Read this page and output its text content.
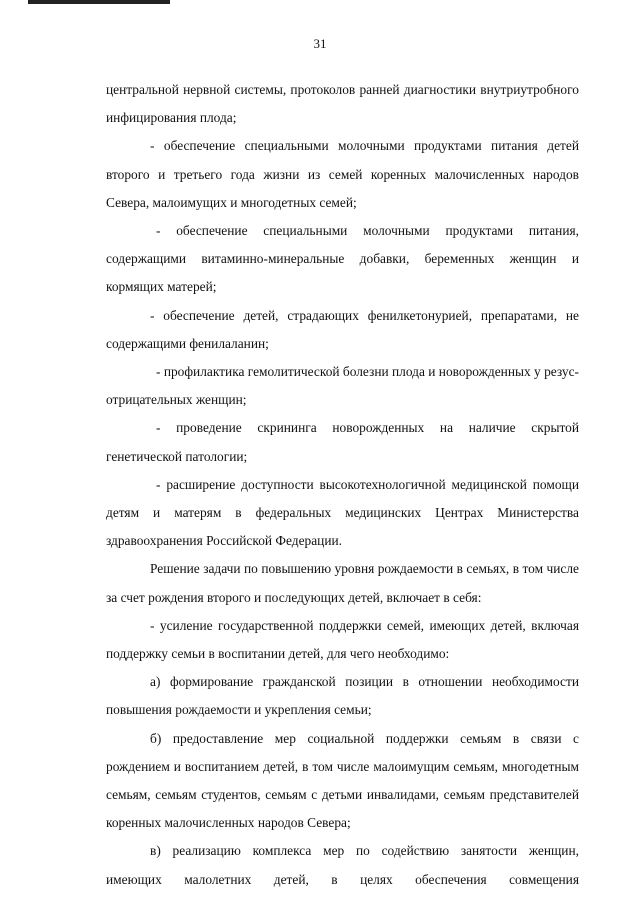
31

центральной нервной системы, протоколов ранней диагностики внутриутробного инфицирования плода;

- обеспечение специальными молочными продуктами питания детей второго и третьего года жизни из семей коренных малочисленных народов Севера, малоимущих и многодетных семей;

- обеспечение специальными молочными продуктами питания, содержащими витаминно-минеральные добавки, беременных женщин и кормящих матерей;

- обеспечение детей, страдающих фенилкетонурией, препаратами, не содержащими фенилаланин;

- профилактика гемолитической болезни плода и новорожденных у резус-отрицательных женщин;

- проведение скрининга новорожденных на наличие скрытой генетической патологии;

- расширение доступности высокотехнологичной медицинской помощи детям и матерям в федеральных медицинских Центрах Министерства здравоохранения Российской Федерации.

Решение задачи по повышению уровня рождаемости в семьях, в том числе за счет рождения второго и последующих детей, включает в себя:

- усиление государственной поддержки семей, имеющих детей, включая поддержку семьи в воспитании детей, для чего необходимо:

а) формирование гражданской позиции в отношении необходимости повышения рождаемости и укрепления семьи;

б) предоставление мер социальной поддержки семьям в связи с рождением и воспитанием детей, в том числе малоимущим семьям, многодетным семьям, семьям студентов, семьям с детьми инвалидами, семьям представителей коренных малочисленных народов Севера;

в) реализацию комплекса мер по содействию занятости женщин, имеющих малолетних детей, в целях обеспечения совмещения
